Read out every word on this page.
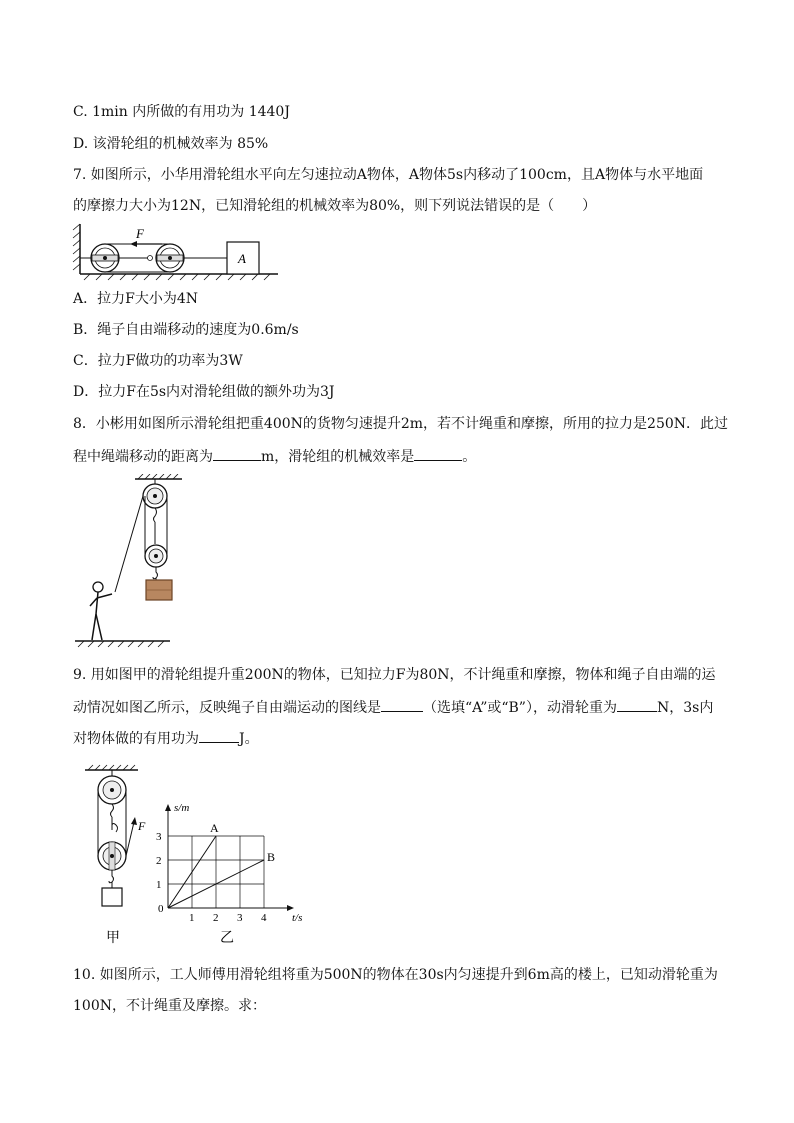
C. 1min 内所做的有用功为 1440J
D. 该滑轮组的机械效率为 85%
7. 如图所示，小华用滑轮组水平向左匀速拉动A物体，A物体5s内移动了100cm，且A物体与水平地面
的摩擦力大小为12N，已知滑轮组的机械效率为80%，则下列说法错误的是（　　）
F
A
A．拉力F大小为4N
B．绳子自由端移动的速度为0.6m/s
C．拉力F做功的功率为3W
D．拉力F在5s内对滑轮组做的额外功为3J
8．小彬用如图所示滑轮组把重400N的货物匀速提升2m，若不计绳重和摩擦，所用的拉力是250N．此过
程中绳端移动的距离为	m，滑轮组的机械效率是	。
9. 用如图甲的滑轮组提升重200N的物体，已知拉力F为80N，不计绳重和摩擦，物体和绳子自由端的运
动情况如图乙所示，反映绳子自由端运动的图线是	（选填“A”或“B”），动滑轮重为	N，3s内
对物体做的有用功为	J。
F
甲
s/m
t/s
0
1 2 3 4
1
2
3
A
B
乙
10. 如图所示，工人师傅用滑轮组将重为500N的物体在30s内匀速提升到6m高的楼上，已知动滑轮重为
100N，不计绳重及摩擦。求：
